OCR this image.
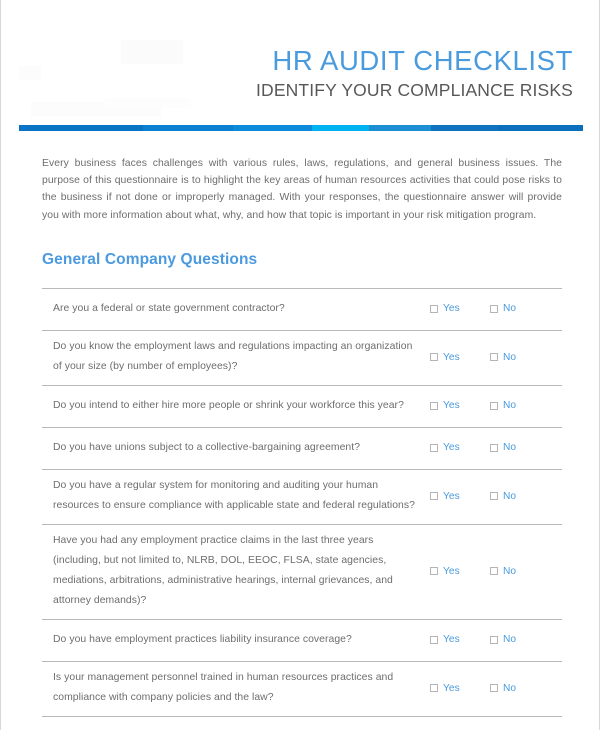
HR AUDIT CHECKLIST
IDENTIFY YOUR COMPLIANCE RISKS
Every business faces challenges with various rules, laws, regulations, and general business issues. The purpose of this questionnaire is to highlight the key areas of human resources activities that could pose risks to the business if not done or improperly managed. With your responses, the questionnaire answer will provide you with more information about what, why, and how that topic is important in your risk mitigation program.
General Company Questions
Are you a federal or state government contractor?	Yes	No
Do you know the employment laws and regulations impacting an organization of your size (by number of employees)?
Yes	No
Do you intend to either hire more people or shrink your workforce this year?	Yes	No
Do you have unions subject to a collective-bargaining agreement?	Yes	No
Do you have a regular system for monitoring and auditing your human resources to ensure compliance with applicable state and federal regulations?
Yes	No
Have you had any employment practice claims in the last three years (including, but not limited to, NLRB, DOL, EEOC, FLSA, state agencies, mediations, arbitrations, administrative hearings, internal grievances, and attorney demands)?
Yes	No
Do you have employment practices liability insurance coverage?	Yes	No
Is your management personnel trained in human resources practices and compliance with company policies and the law?
Yes	No
